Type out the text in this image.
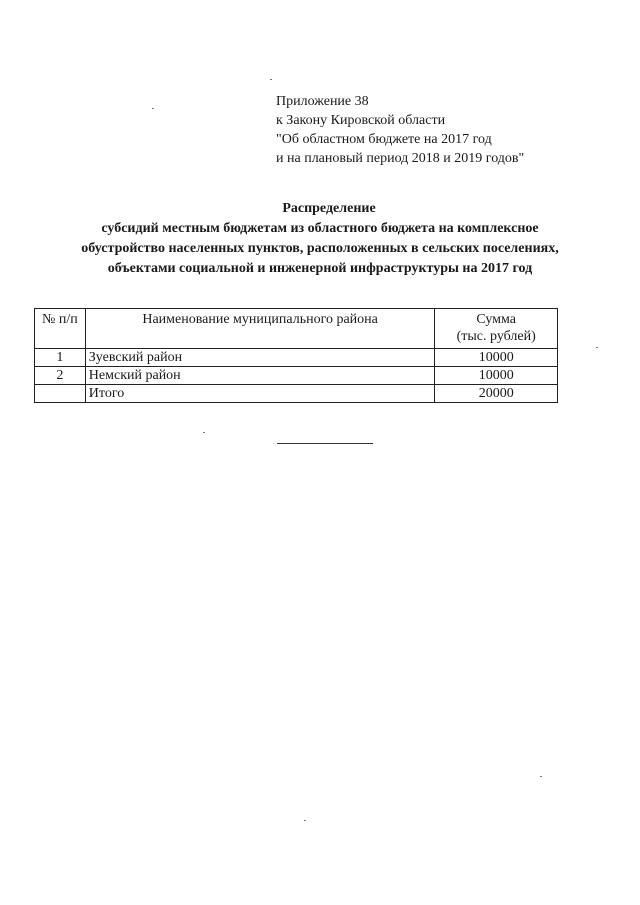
Приложение 38
к Закону Кировской области
"Об областном бюджете на 2017 год
и на плановый период 2018 и 2019 годов"
Распределение
субсидий местным бюджетам из областного бюджета на комплексное
обустройство населенных пунктов, расположенных в сельских поселениях,
объектами социальной и инженерной инфраструктуры на 2017 год
№ п/п	Наименование муниципального района	Сумма
(тыс. рублей)

1	Зуевский район	10000
2	Немский район	10000
	Итого	20000
